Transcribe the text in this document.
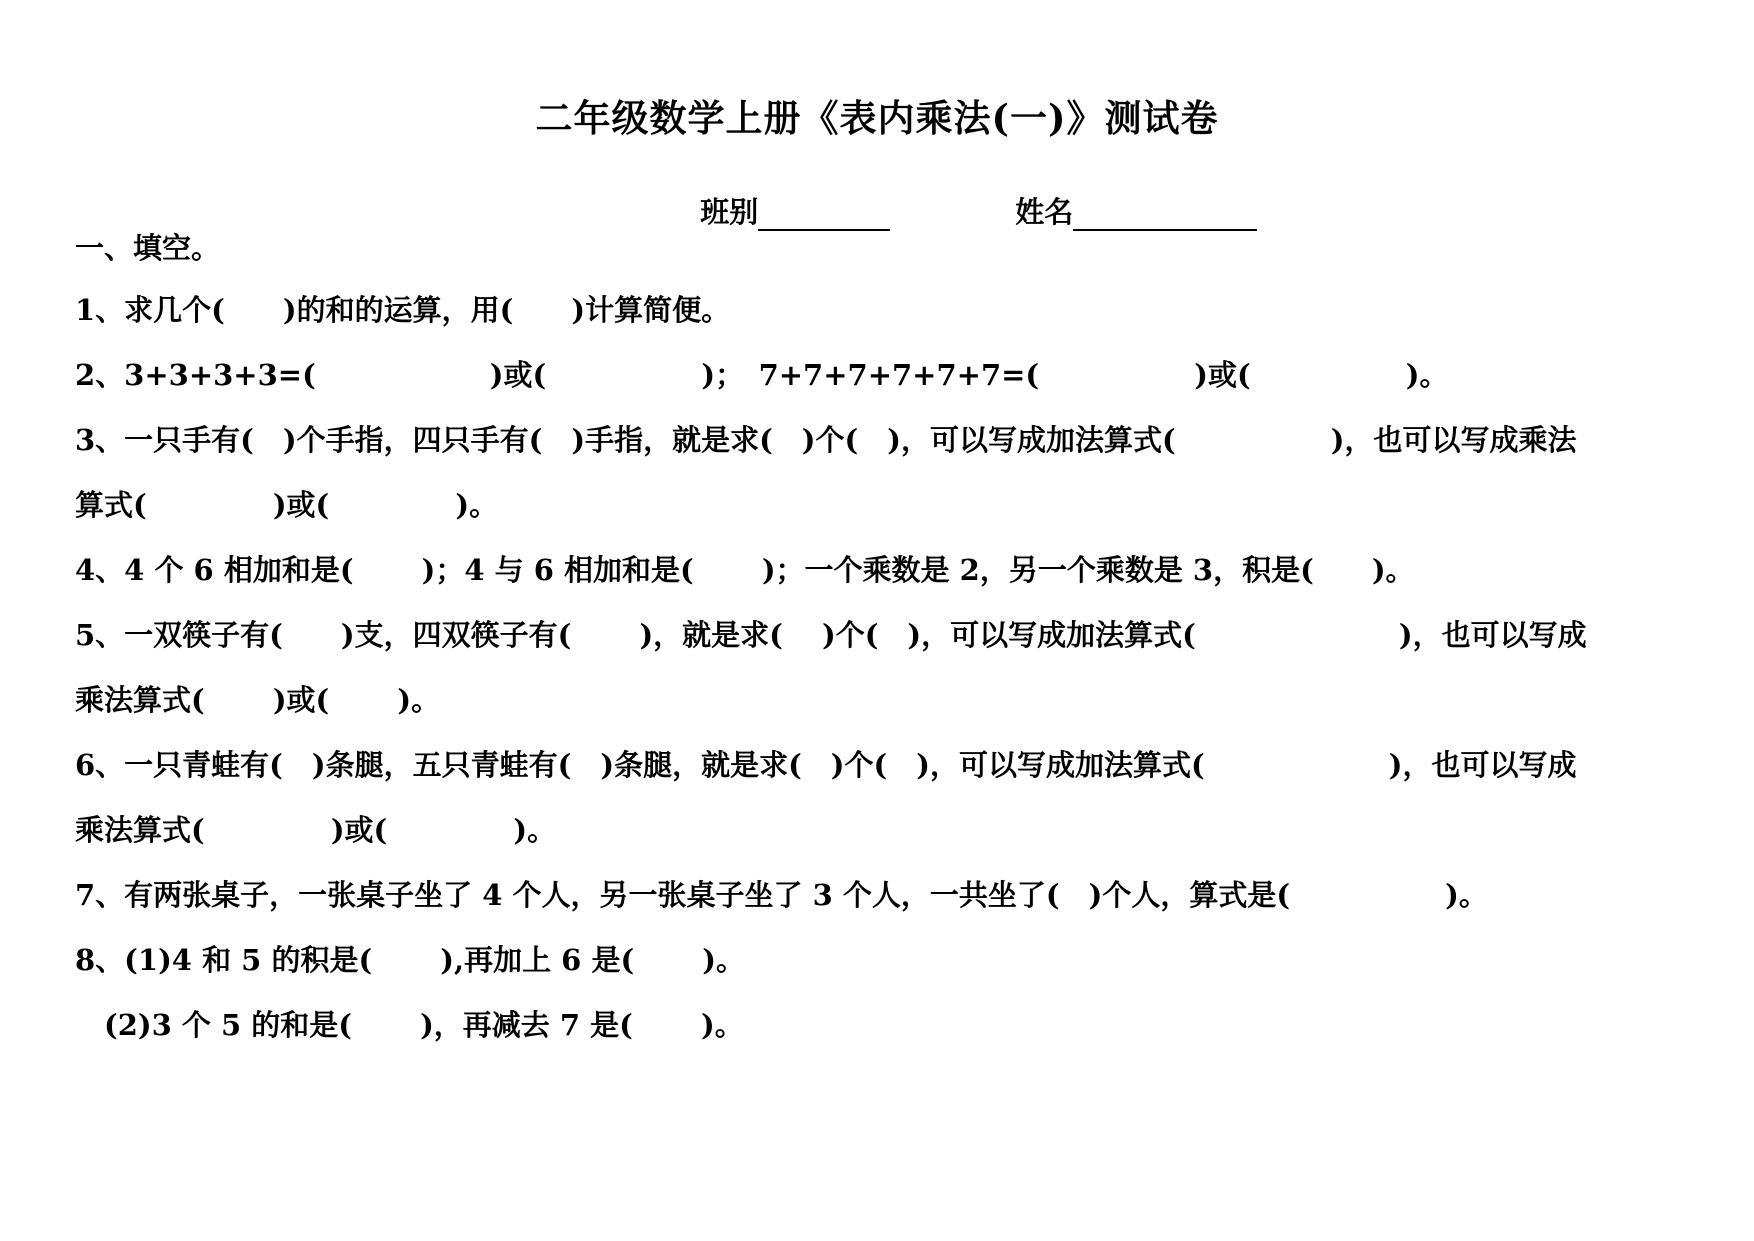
二年级数学上册《表内乘法(一)》测试卷

班别	姓名

一、填空。
1、求几个(　　)的和的运算，用(　　)计算简便。
2、3+3+3+3=(　　　　　　)或(　　　　　 )；　7+7+7+7+7+7=(　　　　　 )或(　　　　　 )。
3、一只手有(　)个手指，四只手有(　)手指，就是求(　)个(　)，可以写成加法算式(　　　　　 )，也可以写成乘法
算式(　　　　 )或(　　　　 )。
4、4 个 6 相加和是(　　 )；4 与 6 相加和是(　　 )；一个乘数是 2，另一个乘数是 3，积是(　　)。
5、一双筷子有(　　)支，四双筷子有(　　 )，就是求(　 )个(　)，可以写成加法算式(　　　　　　　)，也可以写成
乘法算式(　　 )或(　　 )。
6、一只青蛙有(　)条腿，五只青蛙有(　)条腿，就是求(　)个(　)，可以写成加法算式(　　　　　　 )，也可以写成
乘法算式(　　　　 )或(　　　　 )。
7、有两张桌子，一张桌子坐了 4 个人，另一张桌子坐了 3 个人，一共坐了(　)个人，算式是(　　　　　 )。
8、(1)4 和 5 的积是(　　 ),再加上 6 是(　　 )。
　(2)3 个 5 的和是(　　 )，再减去 7 是(　　 )。
